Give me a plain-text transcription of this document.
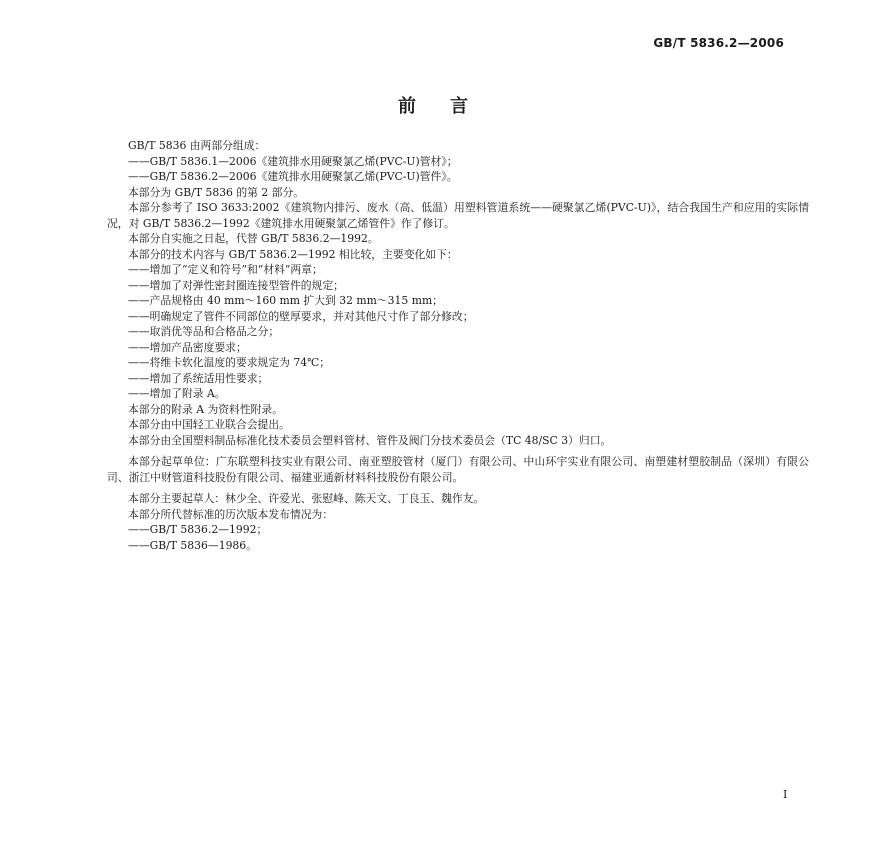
GB/T 5836.2—2006
前言

GB/T 5836 由两部分组成：

——GB/T 5836.1—2006《建筑排水用硬聚氯乙烯(PVC-U)管材》；

——GB/T 5836.2—2006《建筑排水用硬聚氯乙烯(PVC-U)管件》。

本部分为 GB/T 5836 的第 2 部分。

本部分参考了 ISO 3633:2002《建筑物内排污、废水（高、低温）用塑料管道系统——硬聚氯乙烯(PVC-U)》，结合我国生产和应用的实际情况，对 GB/T 5836.2—1992《建筑排水用硬聚氯乙烯管件》作了修订。

本部分自实施之日起，代替 GB/T 5836.2—1992。

本部分的技术内容与 GB/T 5836.2—1992 相比较，主要变化如下：

——增加了“定义和符号”和“材料”两章；

——增加了对弹性密封圈连接型管件的规定；

——产品规格由 40 mm～160 mm 扩大到 32 mm～315 mm；

——明确规定了管件不同部位的壁厚要求，并对其他尺寸作了部分修改；

——取消优等品和合格品之分；

——增加产品密度要求；

——将维卡软化温度的要求规定为 74℃；

——增加了系统适用性要求；

——增加了附录 A。

本部分的附录 A 为资料性附录。

本部分由中国轻工业联合会提出。

本部分由全国塑料制品标准化技术委员会塑料管材、管件及阀门分技术委员会（TC 48/SC 3）归口。

本部分起草单位：广东联塑科技实业有限公司、南亚塑胶管材（厦门）有限公司、中山环宇实业有限公司、南塑建材塑胶制品（深圳）有限公司、浙江中财管道科技股份有限公司、福建亚通新材料科技股份有限公司。

本部分主要起草人：林少全、许爱光、张慰峰、陈天文、丁良玉、魏作友。

本部分所代替标准的历次版本发布情况为：

——GB/T 5836.2—1992；

——GB/T 5836—1986。

I
